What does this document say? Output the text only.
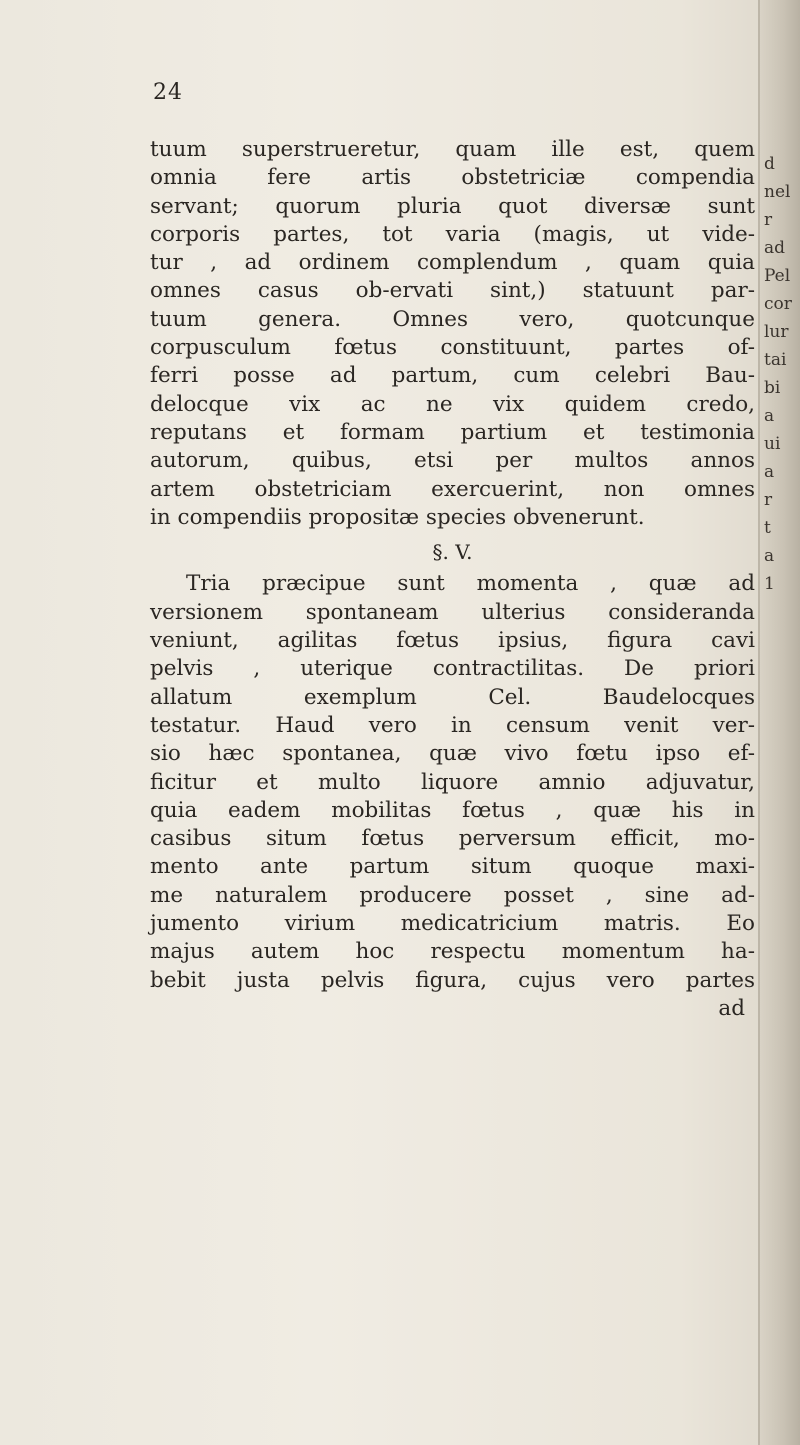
24
tuum superstrueretur, quam ille est, quem
omnia fere artis obstetriciæ compendia
servant; quorum pluria quot diversæ sunt
corporis partes, tot varia (magis, ut vide-
tur , ad ordinem complendum , quam quia
omnes casus ob-ervati sint,) statuunt par-
tuum genera. Omnes vero, quotcunque
corpusculum fœtus constituunt, partes of-
ferri posse ad partum, cum celebri Bau-
delocque vix ac ne vix quidem credo,
reputans et formam partium et testimonia
autorum, quibus, etsi per multos annos
artem obstetriciam exercuerint, non omnes
in compendiis propositæ species obvenerunt.
§. V.
Tria præcipue sunt momenta , quæ ad
versionem spontaneam ulterius consideranda
veniunt, agilitas fœtus ipsius, figura cavi
pelvis , uterique contractilitas. De priori
allatum exemplum Cel. Baudelocques
testatur. Haud vero in censum venit ver-
sio hæc spontanea, quæ vivo fœtu ipso ef-
ficitur et multo liquore amnio adjuvatur,
quia eadem mobilitas fœtus , quæ his in
casibus situm fœtus perversum efficit, mo-
mento ante partum situm quoque maxi-
me naturalem producere posset , sine ad-
jumento virium medicatricium matris. Eo
majus autem hoc respectu momentum ha-
bebit justa pelvis figura, cujus vero partes
ad
d
nel
r
ad
Pel
cor
lur
tai
bi
a
ui
a
r
t
a
1
